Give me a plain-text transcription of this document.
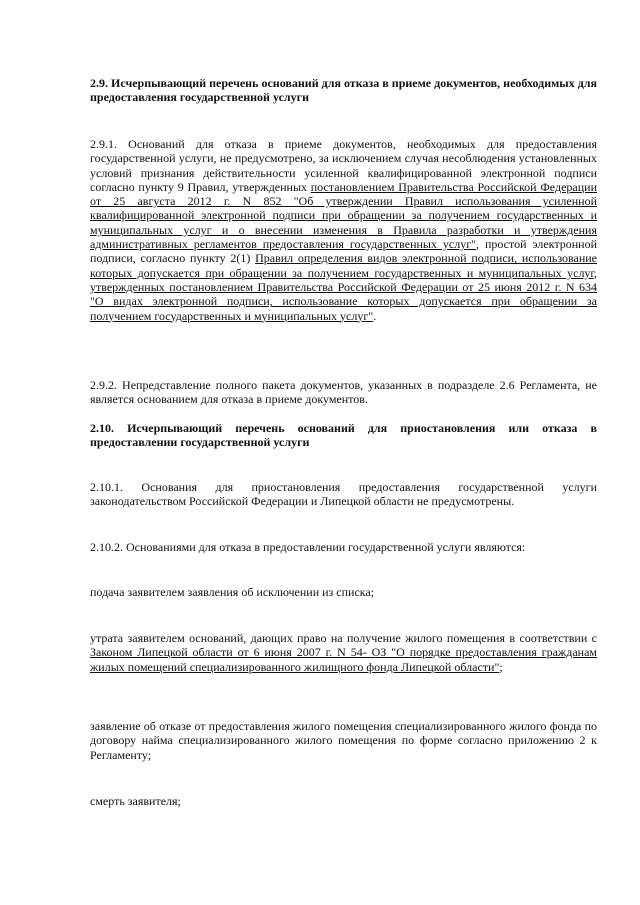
2.9. Исчерпывающий перечень оснований для отказа в приеме документов, необходимых для предоставления государственной услуги

2.9.1. Оснований для отказа в приеме документов, необходимых для предоставления государственной услуги, не предусмотрено, за исключением случая несоблюдения установленных условий признания действительности усиленной квалифицированной электронной подписи согласно пункту 9 Правил, утвержденных постановлением Правительства Российской Федерации от 25 августа 2012 г. N 852 "Об утверждении Правил использования усиленной квалифицированной электронной подписи при обращении за получением государственных и муниципальных услуг и о внесении изменения в Правила разработки и утверждения административных регламентов предоставления государственных услуг", простой электронной подписи, согласно пункту 2(1) Правил определения видов электронной подписи, использование которых допускается при обращении за получением государственных и муниципальных услуг, утвержденных постановлением Правительства Российской Федерации от 25 июня 2012 г. N 634 "О видах электронной подписи, использование которых допускается при обращении за получением государственных и муниципальных услуг".

2.9.2. Непредставление полного пакета документов, указанных в подразделе 2.6 Регламента, не является основанием для отказа в приеме документов.

2.10. Исчерпывающий перечень оснований для приостановления или отказа в предоставлении государственной услуги

2.10.1. Основания для приостановления предоставления государственной услуги законодательством Российской Федерации и Липецкой области не предусмотрены.

2.10.2. Основаниями для отказа в предоставлении государственной услуги являются:

подача заявителем заявления об исключении из списка;

утрата заявителем оснований, дающих право на получение жилого помещения в соответствии с Законом Липецкой области от 6 июня 2007 г. N 54- ОЗ "О порядке предоставления гражданам жилых помещений специализированного жилищного фонда Липецкой области";

заявление об отказе от предоставления жилого помещения специализированного жилого фонда по договору найма специализированного жилого помещения по форме согласно приложению 2 к Регламенту;

смерть заявителя;
